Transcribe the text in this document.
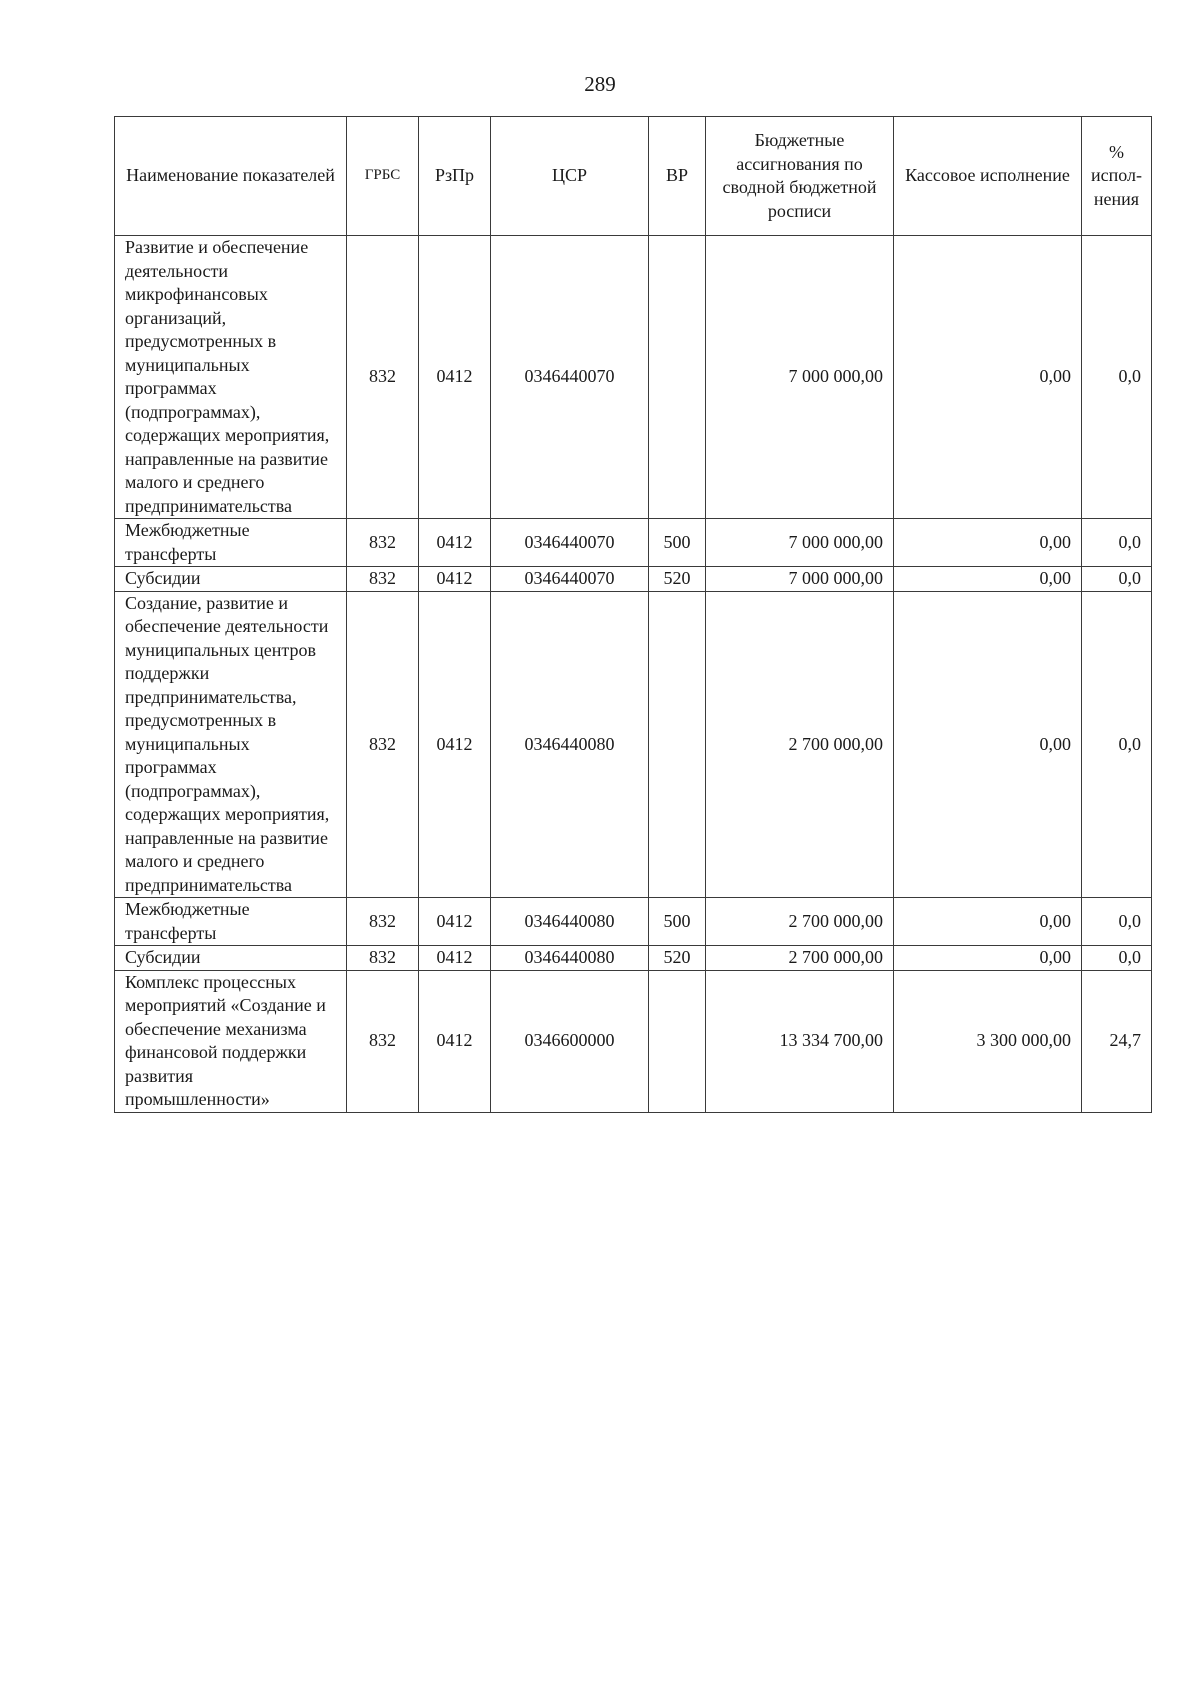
289
Наименование показателей	ГРБС	РзПр	ЦСР	ВР	Бюджетные ассигнования по сводной бюджетной росписи	Кассовое исполнение	% испол- нения
Развитие и обеспечение деятельности микрофинансовых организаций, предусмотренных в муниципальных программах (подпрограммах), содержащих мероприятия, направленные на развитие малого и среднего предпринимательства	832	0412	0346440070		7 000 000,00	0,00	0,0
Межбюджетные трансферты	832	0412	0346440070	500	7 000 000,00	0,00	0,0
Субсидии	832	0412	0346440070	520	7 000 000,00	0,00	0,0
Создание, развитие и обеспечение деятельности муниципальных центров поддержки предпринимательства, предусмотренных в муниципальных программах (подпрограммах), содержащих мероприятия, направленные на развитие малого и среднего предпринимательства	832	0412	0346440080		2 700 000,00	0,00	0,0
Межбюджетные трансферты	832	0412	0346440080	500	2 700 000,00	0,00	0,0
Субсидии	832	0412	0346440080	520	2 700 000,00	0,00	0,0
Комплекс процессных мероприятий «Создание и обеспечение механизма финансовой поддержки развития промышленности»	832	0412	0346600000		13 334 700,00	3 300 000,00	24,7
